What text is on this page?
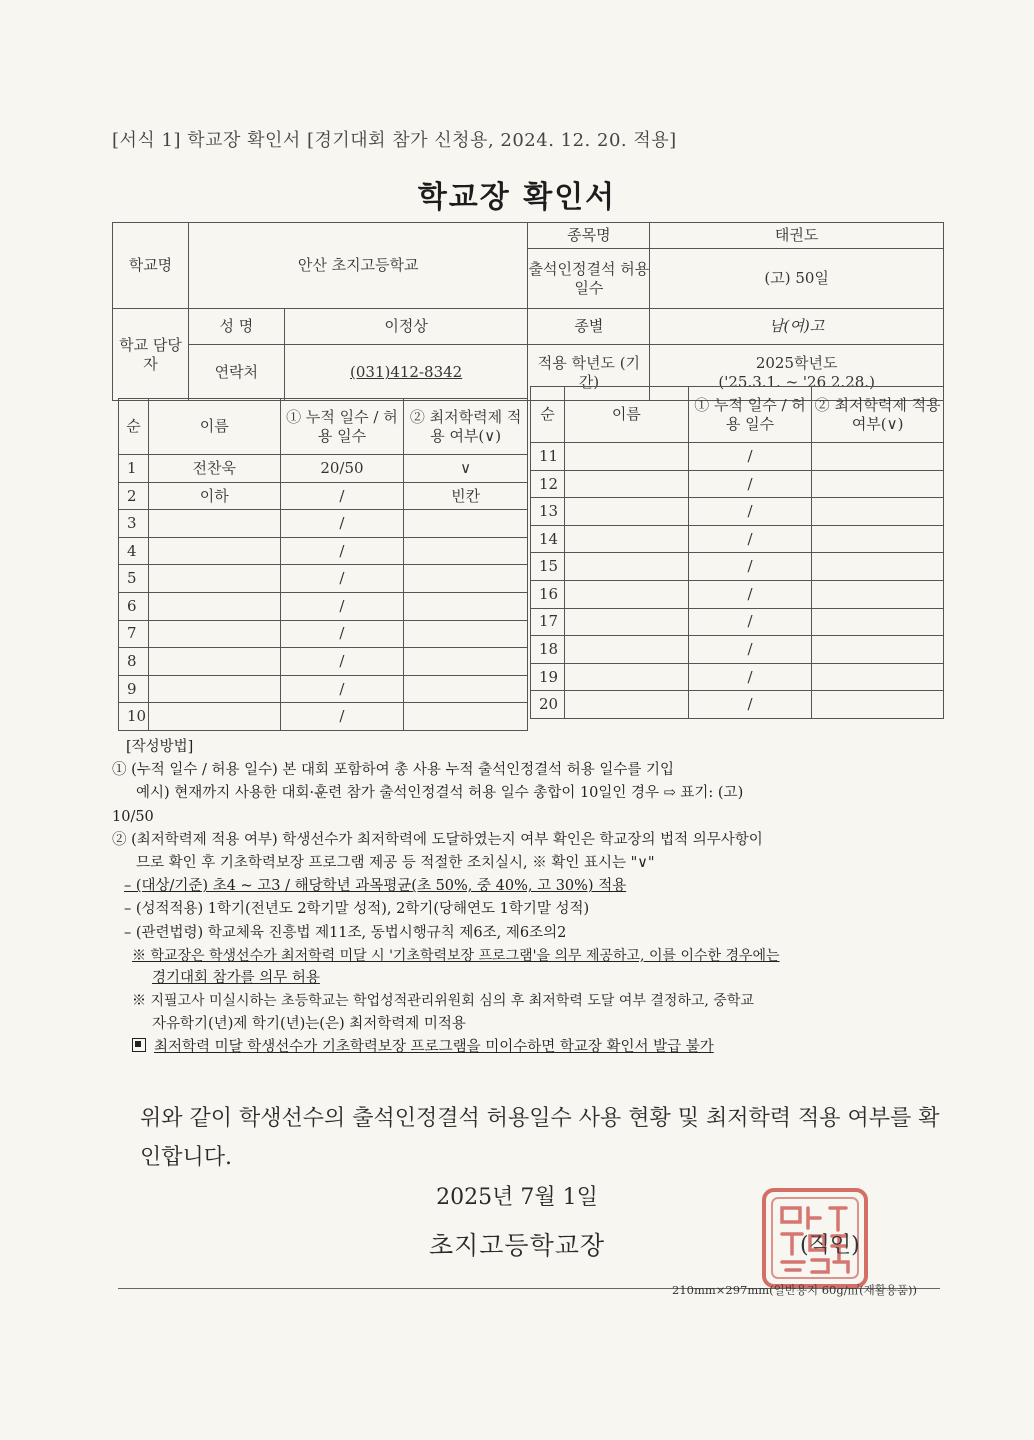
[서식 1] 학교장 확인서 [경기대회 참가 신청용, 2024. 12. 20. 적용]
학교장 확인서
학교명	안산 초지고등학교		종목명	태권도
			출석인정결석 허용 일수	(고) 50일
학교 담당자	성 명	이정상	종별	남(여)고
	연락처	(031)412-8342	적용 학년도 (기간)	2025학년도
('25.3.1. ~ '26 2.28.)
순	이름	① 누적 일수 / 허용 일수	② 최저학력제 적용 여부(∨)
1	전찬욱	20/50	∨
2	이하	/	빈칸
3		/	
4		/	
5		/	
6		/	
7		/	
8		/	
9		/	
10		/	
순	이름	① 누적 일수 / 허용 일수	② 최저학력제 적용 여부(∨)
11		/	
12		/	
13		/	
14		/	
15		/	
16		/	
17		/	
18		/	
19		/	
20		/	

[작성방법]

① (누적 일수 / 허용 일수) 본 대회 포함하여 총 사용 누적 출석인정결석 허용 일수를 기입

예시) 현재까지 사용한 대회·훈련 참가 출석인정결석 허용 일수 총합이 10일인 경우 ⇨ 표기: (고)

10/50

② (최저학력제 적용 여부) 학생선수가 최저학력에 도달하였는지 여부 확인은 학교장의 법적 의무사항이

므로 확인 후 기초학력보장 프로그램 제공 등 적절한 조치실시, ※ 확인 표시는 "∨"

– (대상/기준) 초4 ~ 고3 / 해당학년 과목평균(초 50%, 중 40%, 고 30%) 적용

– (성적적용) 1학기(전년도 2학기말 성적), 2학기(당해연도 1학기말 성적)

– (관련법령) 학교체육 진흥법 제11조, 동법시행규칙 제6조, 제6조의2

※ 학교장은 학생선수가 최저학력 미달 시 '기초학력보장 프로그램'을 의무 제공하고, 이를 이수한 경우에는

경기대회 참가를 의무 허용

※ 지필고사 미실시하는 초등학교는 학업성적관리위원회 심의 후 최저학력 도달 여부 결정하고, 중학교

자유학기(년)제 학기(년)는(은) 최저학력제 미적용

최저학력 미달 학생선수가 기초학력보장 프로그램을 미이수하면 학교장 확인서 발급 불가

위와 같이 학생선수의 출석인정결석 허용일수 사용 현황 및 최저학력 적용 여부를 확인합니다.
2025년 7월 1일
초지고등학교장	(직인)
210mm×297mm(일반용지 60g/㎡(재활용품))
